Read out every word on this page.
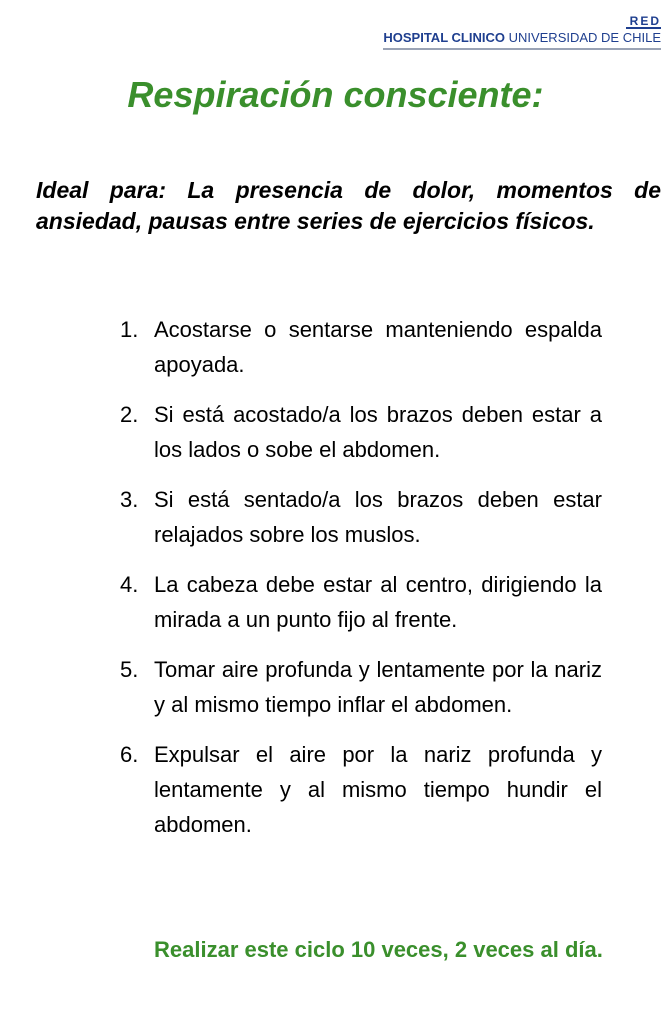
RED
HOSPITAL CLINICO UNIVERSIDAD DE CHILE
Respiración consciente:

Ideal para: La presencia de dolor, momentos de ansiedad, pausas entre series de ejercicios físicos.

1. Acostarse o sentarse manteniendo espalda apoyada.
2. Si está acostado/a los brazos deben estar a los lados o sobe el abdomen.
3. Si está sentado/a los brazos deben estar relajados sobre los muslos.
4. La cabeza debe estar al centro, dirigiendo la mirada a un punto fijo al frente.
5. Tomar aire profunda y lentamente por la nariz y al mismo tiempo inflar el abdomen.
6. Expulsar el aire por la nariz profunda y lentamente y al mismo tiempo hundir el abdomen.

Realizar este ciclo 10 veces, 2 veces al día.
